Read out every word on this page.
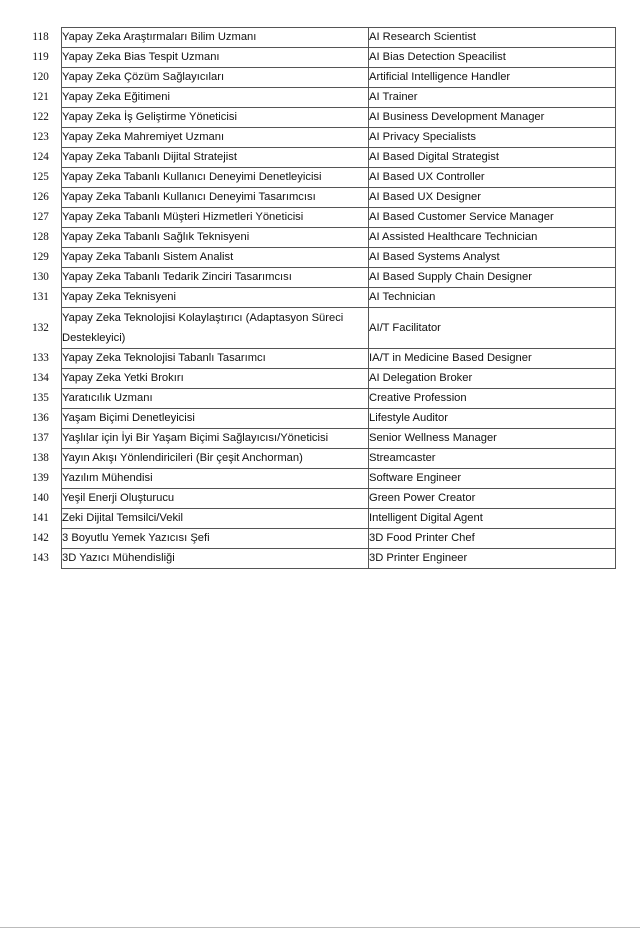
118	Yapay Zeka Araştırmaları Bilim Uzmanı	AI Research Scientist
119	Yapay Zeka Bias Tespit Uzmanı	AI Bias Detection Speacilist
120	Yapay Zeka Çözüm Sağlayıcıları	Artificial Intelligence Handler
121	Yapay Zeka Eğitimeni	AI Trainer
122	Yapay Zeka İş Geliştirme Yöneticisi	AI Business Development Manager
123	Yapay Zeka Mahremiyet Uzmanı	AI Privacy Specialists
124	Yapay Zeka Tabanlı Dijital Stratejist	AI Based Digital Strategist
125	Yapay Zeka Tabanlı Kullanıcı Deneyimi Denetleyicisi	AI Based UX Controller
126	Yapay Zeka Tabanlı Kullanıcı Deneyimi Tasarımcısı	AI Based UX Designer
127	Yapay Zeka Tabanlı Müşteri Hizmetleri Yöneticisi	AI Based Customer Service Manager
128	Yapay Zeka Tabanlı Sağlık Teknisyeni	AI Assisted Healthcare Technician
129	Yapay Zeka Tabanlı Sistem Analist	AI Based Systems Analyst
130	Yapay Zeka Tabanlı Tedarik Zinciri Tasarımcısı	AI Based Supply Chain Designer
131	Yapay Zeka Teknisyeni	AI Technician
132	Yapay Zeka Teknolojisi Kolaylaştırıcı (Adaptasyon Süreci Destekleyici)	AI/T Facilitator
133	Yapay Zeka Teknolojisi Tabanlı Tasarımcı	IA/T in Medicine Based Designer
134	Yapay Zeka Yetki Brokırı	AI Delegation Broker
135	Yaratıcılık Uzmanı	Creative Profession
136	Yaşam Biçimi Denetleyicisi	Lifestyle Auditor
137	Yaşlılar için İyi Bir Yaşam Biçimi Sağlayıcısı/Yöneticisi	Senior Wellness Manager
138	Yayın Akışı Yönlendiricileri (Bir çeşit Anchorman)	Streamcaster
139	Yazılım Mühendisi	Software Engineer
140	Yeşil Enerji Oluşturucu	Green Power Creator
141	Zeki Dijital Temsilci/Vekil	Intelligent Digital Agent
142	3 Boyutlu Yemek Yazıcısı Şefi	3D Food Printer Chef
143	3D Yazıcı Mühendisliği	3D Printer Engineer
